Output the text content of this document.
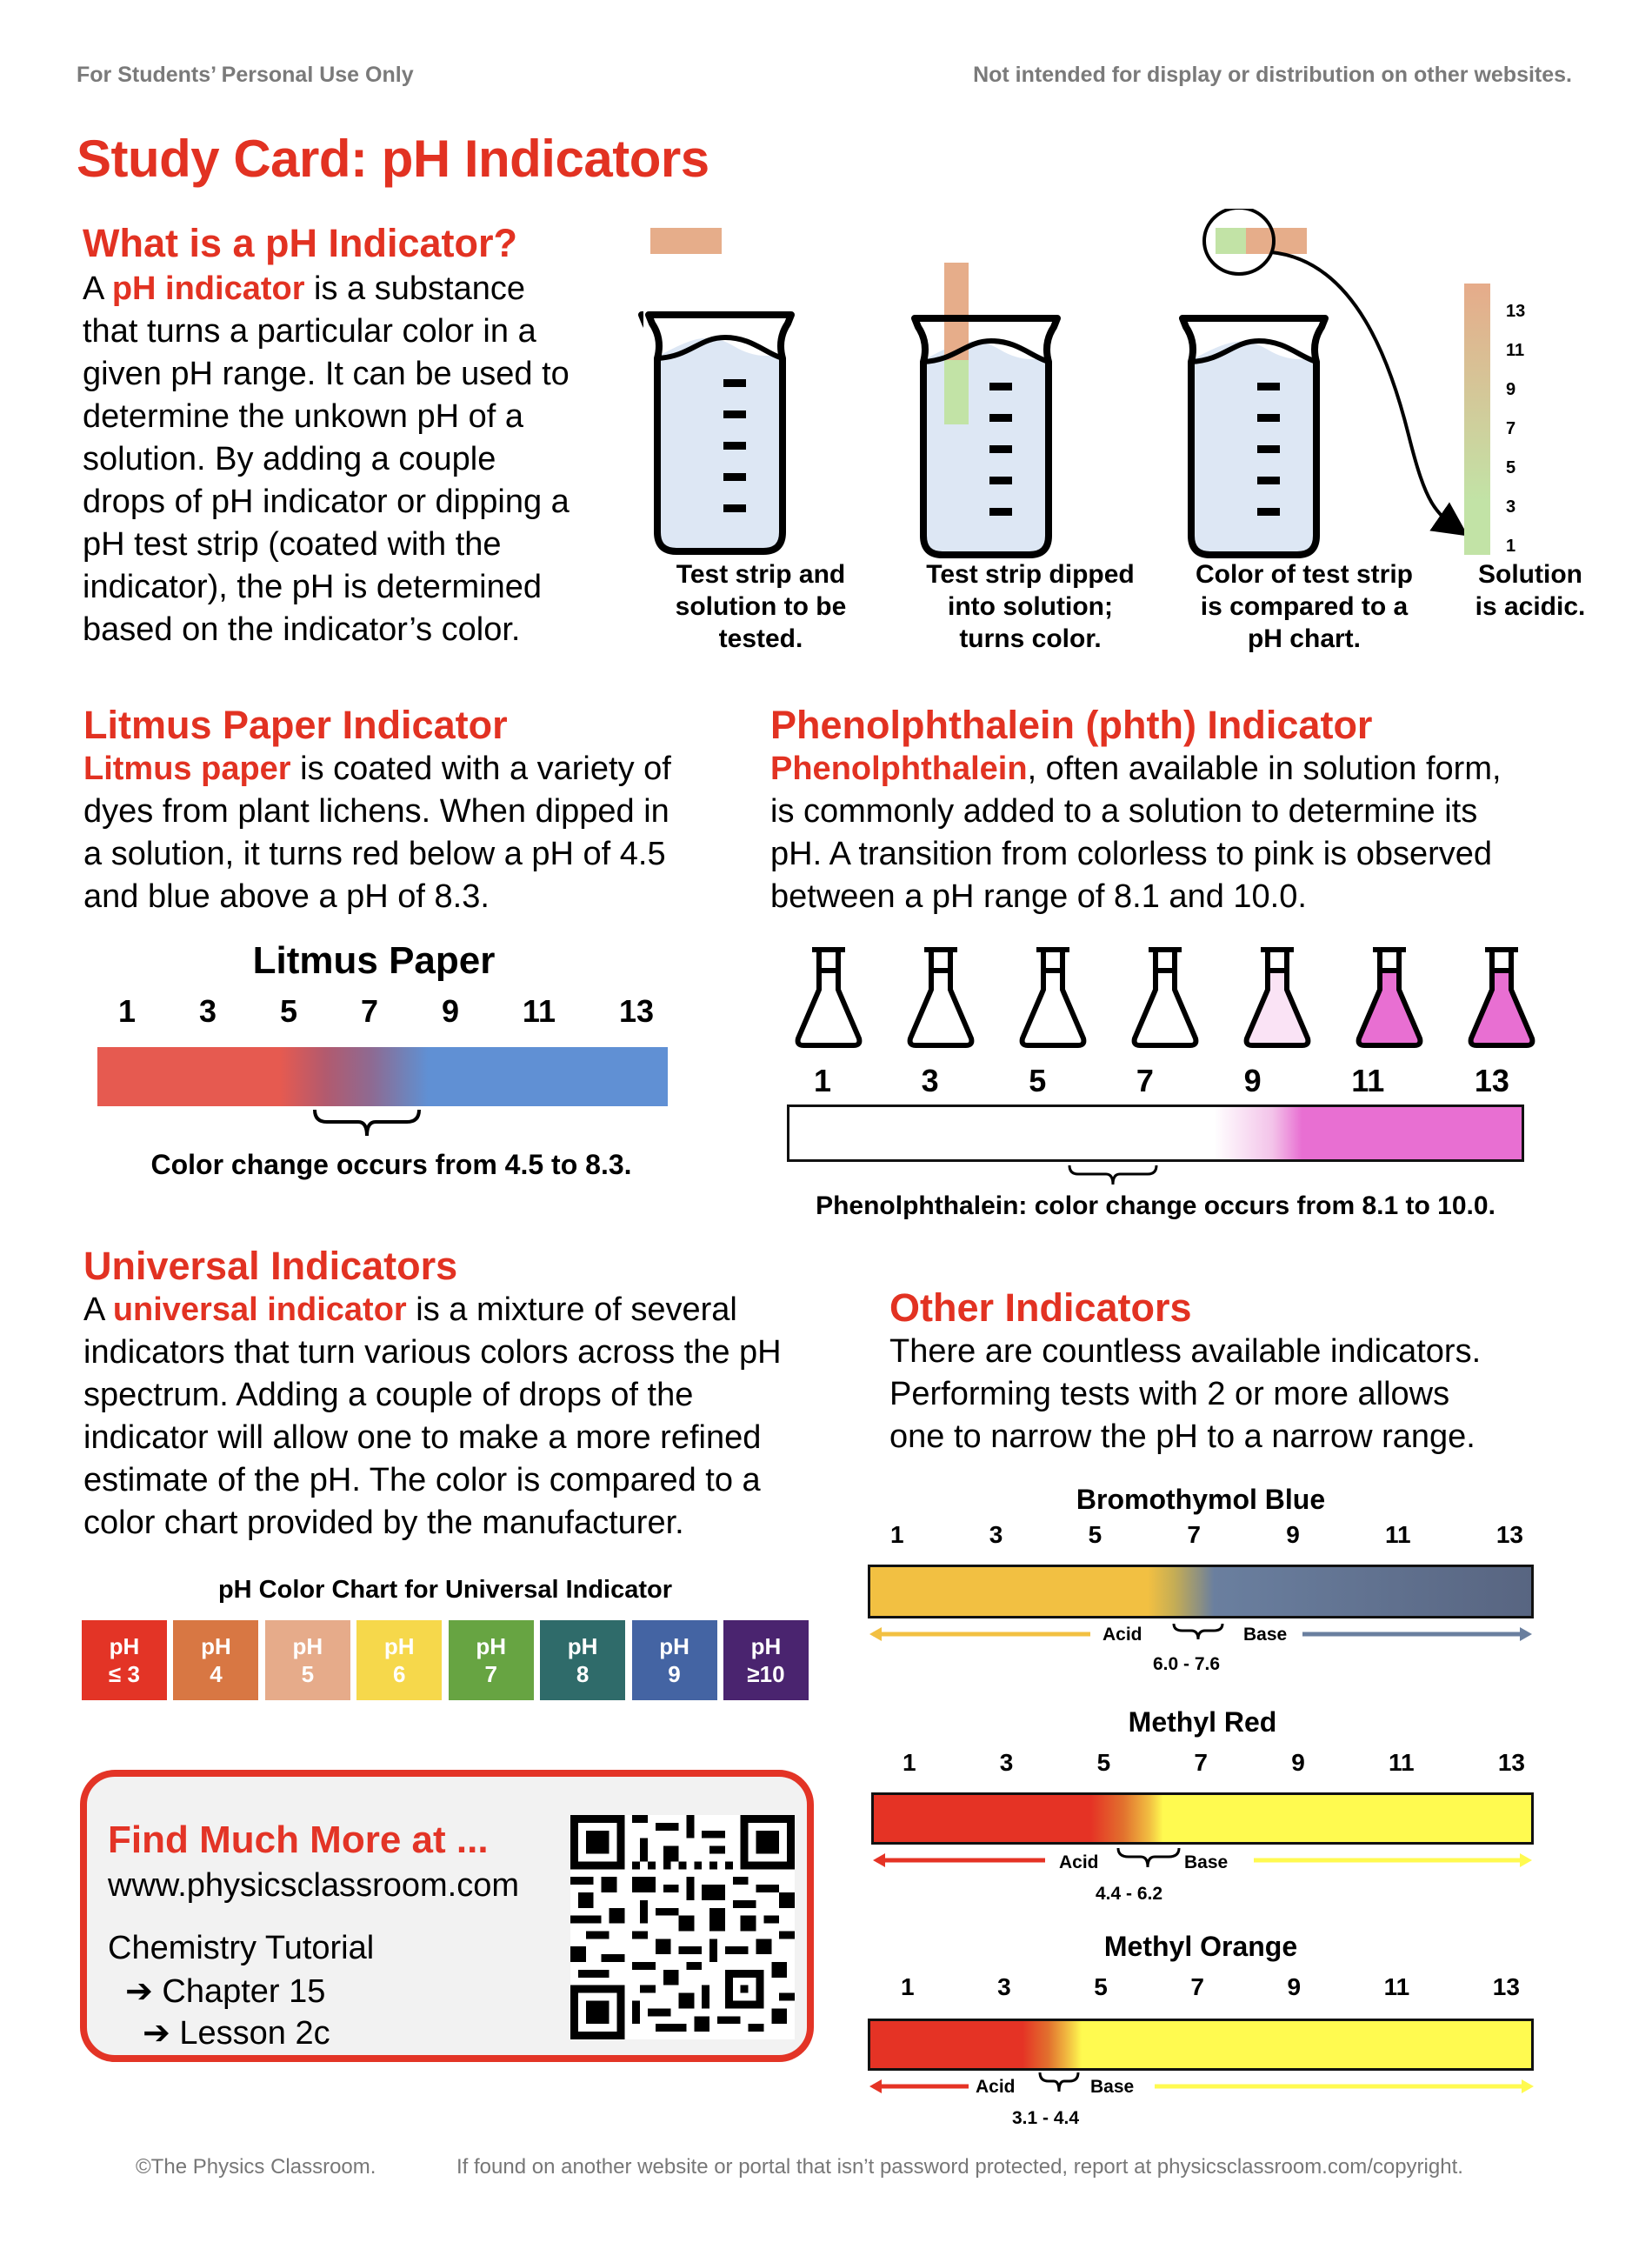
For Students’ Personal Use Only	Not intended for display or distribution on other websites.
Study Card: pH Indicators
What is a pH Indicator?
A pH indicator is a substance
that turns a particular color in a
given pH range. It can be used to
determine the unkown pH of a
solution. By adding a couple
drops of pH indicator or dipping a
pH test strip (coated with the
indicator), the pH is determined
based on the indicator’s color.
13
11
9
7
5
3
1
Test strip and
solution to be
tested.
Test strip dipped
into solution;
turns color.
Color of test strip
is compared to a
pH chart.
Solution
is acidic.
Litmus Paper Indicator
Litmus paper is coated with a variety of
dyes from plant lichens. When dipped in
a solution, it turns red below a pH of 4.5
and blue above a pH of 8.3.
Litmus Paper
1 3 5 7 9 11 13
Color change occurs from 4.5 to 8.3.
Phenolphthalein (phth) Indicator
Phenolphthalein, often available in solution form,
is commonly added to a solution to determine its
pH. A transition from colorless to pink is observed
between a pH range of 8.1 and 10.0.
1	3	5	7	9	11	13
Phenolphthalein: color change occurs from 8.1 to 10.0.
Universal Indicators
A universal indicator is a mixture of several
indicators that turn various colors across the pH
spectrum. Adding a couple of drops of the
indicator will allow one to make a more refined
estimate of the pH. The color is compared to a
color chart provided by the manufacturer.
pH Color Chart for Universal Indicator
pH
≤ 3
pH
4
pH
5
pH
6
pH
7
pH
8
pH
9
pH
≥10
Find Much More at ...
www.physicsclassroom.com
Chemistry Tutorial
➔ Chapter 15
➔ Lesson 2c
Other Indicators
There are countless available indicators.
Performing tests with 2 or more allows
one to narrow the pH to a narrow range.
Bromothymol Blue
1	3	5	7	9	11	13
Acid	Base
6.0 - 7.6
Methyl Red
1	3	5	7	9	11	13
Acid	Base
4.4 - 6.2
Methyl Orange
1	3	5	7	9	11	13
Acid	Base
3.1 - 4.4
©The Physics Classroom.	If found on another website or portal that isn’t password protected, report at physicsclassroom.com/copyright.
